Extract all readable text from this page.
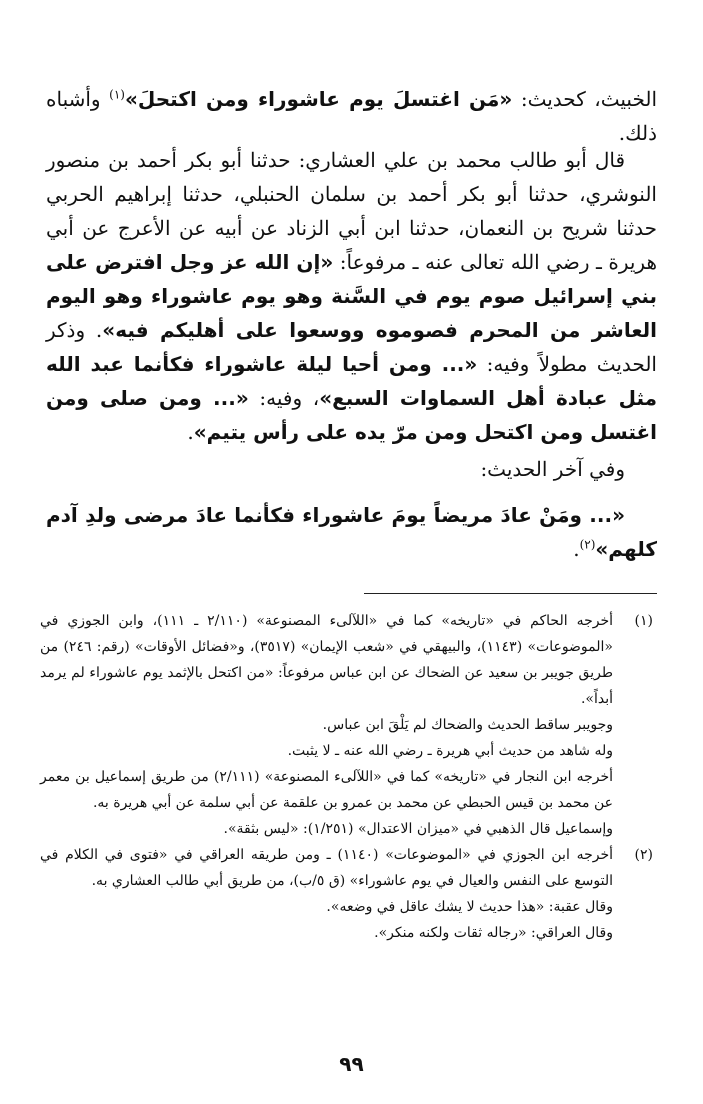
الخبيث، كحديث: «مَن اغتسلَ يوم عاشوراء ومن اكتحلَ»$^{(١)}$ وأشباه ذلك.

قال أبو طالب محمد بن علي العشاري: حدثنا أبو بكر أحمد بن منصور النوشري، حدثنا أبو بكر أحمد بن سلمان الحنبلي، حدثنا إبراهيم الحربي حدثنا شريح بن النعمان، حدثنا ابن أبي الزناد عن أبيه عن الأعرج عن أبي هريرة ـ رضي الله تعالى عنه ـ مرفوعاً: «إن الله عز وجل افترض على بني إسرائيل صوم يوم في السَّنة وهو يوم عاشوراء وهو اليوم العاشر من المحرم فصوموه ووسعوا على أهليكم فيه». وذكر الحديث مطولاً وفيه: «... ومن أحيا ليلة عاشوراء فكأنما عبد الله مثل عبادة أهل السماوات السبع»، وفيه: «... ومن صلى ومن اغتسل ومن اكتحل ومن مرّ يده على رأس يتيم».

وفي آخر الحديث:

«... ومَنْ عادَ مريضاً يومَ عاشوراء فكأنما عادَ مرضى ولدِ آدم كلهم»$^{(٢)}$.

(١)

أخرجه الحاكم في «تاريخه» كما في «اللآلىء المصنوعة» (٢/١١٠ ـ ١١١)، وابن الجوزي في «الموضوعات» (١١٤٣)، والبيهقي في «شعب الإيمان» (٣٥١٧)، و«فضائل الأوقات» (رقم: ٢٤٦) من طريق جويبر بن سعيد عن الضحاك عن ابن عباس مرفوعاً: «من اكتحل بالإثمد يوم عاشوراء لم يرمد أبداً».

وجويبر ساقط الحديث والضحاك لم يَلْقَ ابن عباس.

وله شاهد من حديث أبي هريرة ـ رضي الله عنه ـ لا يثبت.

أخرجه ابن النجار في «تاريخه» كما في «اللآلىء المصنوعة» (٢/١١١) من طريق إسماعيل بن معمر عن محمد بن قيس الحبطي عن محمد بن عمرو بن علقمة عن أبي سلمة عن أبي هريرة به.

وإسماعيل قال الذهبي في «ميزان الاعتدال» (١/٢٥١): «ليس بثقة».

(٢)

أخرجه ابن الجوزي في «الموضوعات» (١١٤٠) ـ ومن طريقه العراقي في «فتوى في الكلام في التوسع على النفس والعيال في يوم عاشوراء» (ق ٥/ب)، من طريق أبي طالب العشاري به.

وقال عقبة: «هذا حديث لا يشك عاقل في وضعه».

وقال العراقي: «رجاله ثقات ولكنه منكر».

٩٩
